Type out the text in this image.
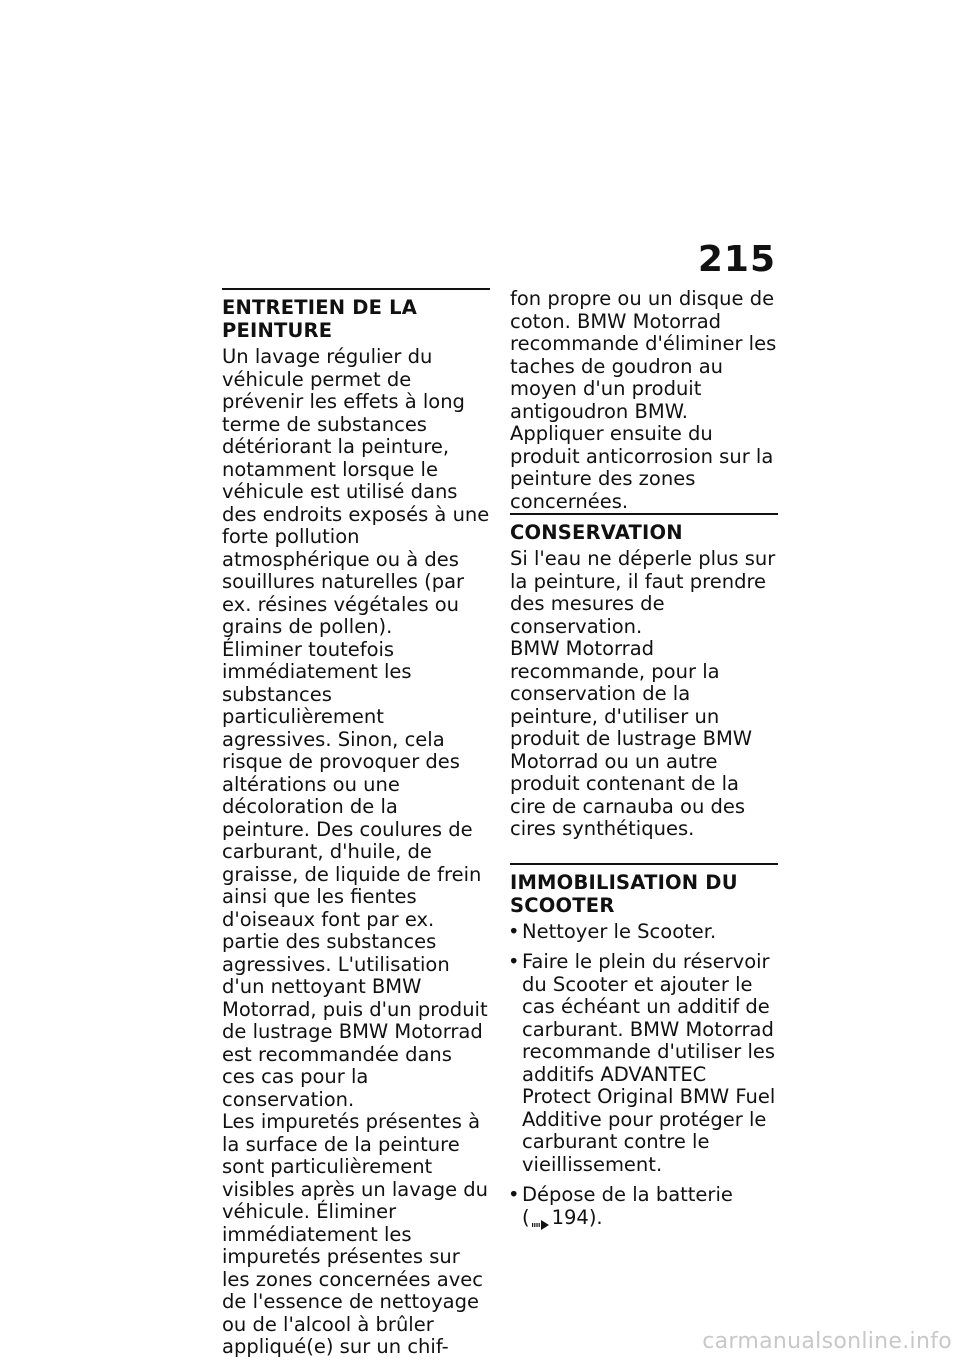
215
ENTRETIEN DE LA PEINTURE

Un lavage régulier du véhicule permet de prévenir les effets à long terme de substances détériorant la peinture, notamment lorsque le véhicule est utilisé dans des endroits exposés à une forte pollution atmosphérique ou à des souillures naturelles (par ex. résines végétales ou grains de pollen).

Éliminer toutefois immédiatement les substances particulièrement agressives. Sinon, cela risque de provoquer des altérations ou une décoloration de la peinture. Des coulures de carburant, d'huile, de graisse, de liquide de frein ainsi que les fientes d'oiseaux font par ex. partie des substances agressives. L'utilisation d'un nettoyant BMW Motorrad, puis d'un produit de lustrage BMW Motorrad est recommandée dans ces cas pour la conservation.

Les impuretés présentes à la surface de la peinture sont particulièrement visibles après un lavage du véhicule. Éliminer immédiatement les impuretés présentes sur les zones concernées avec de l'essence de nettoyage ou de l'alcool à brûler appliqué(e) sur un chif-

fon propre ou un disque de coton. BMW Motorrad recommande d'éliminer les taches de goudron au moyen d'un produit antigoudron BMW. Appliquer ensuite du produit anticorrosion sur la peinture des zones concernées.

CONSERVATION

Si l'eau ne déperle plus sur la peinture, il faut prendre des mesures de conservation.

BMW Motorrad recommande, pour la conservation de la peinture, d'utiliser un produit de lustrage BMW Motorrad ou un autre produit contenant de la cire de carnauba ou des cires synthétiques.

IMMOBILISATION DU SCOOTER
• Nettoyer le Scooter.
• Faire le plein du réservoir du Scooter et ajouter le cas échéant un additif de carburant. BMW Motorrad recommande d'utiliser les additifs ADVANTEC Protect Original BMW Fuel Additive pour protéger le carburant contre le vieillissement.
• Dépose de la batterie
( 194).
carmanualsonline.info
